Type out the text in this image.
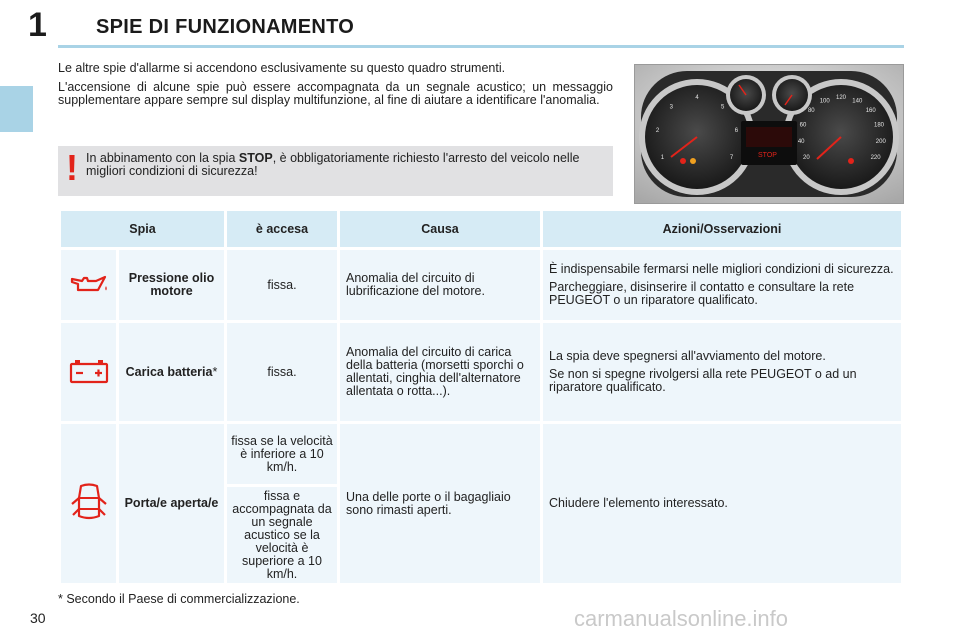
1 SPIE DI FUNZIONAMENTO

Le altre spie d'allarme si accendono esclusivamente su questo quadro strumenti.

L'accensione di alcune spie può essere accompagnata da un segnale acustico; un messaggio supplementare appare sempre sul display multifunzione, al fine di aiutare a identificare l'anomalia.

! In abbinamento con la spia STOP, è obbligatoriamente richiesto l'arresto del veicolo nelle migliori condizioni di sicurezza!
1
2
3
4
5
6
7	20
40
60
80
100
120
140
160
180
200
220
STOP
Spia		è accesa	Causa	Azioni/Osservazioni
	Pressione olio motore	fissa.	Anomalia del circuito di lubrificazione del motore.	È indispensabile fermarsi nelle migliori condizioni di sicurezza.

Parcheggiare, disinserire il contatto e consultare la rete PEUGEOT o un riparatore qualificato.

	Carica batteria*	fissa.	Anomalia del circuito di carica della batteria (morsetti sporchi o allentati, cinghia dell'alternatore allentata o rotta...).	La spia deve spegnersi all'avviamento del motore.

Se non si spegne rivolgersi alla rete PEUGEOT o ad un riparatore qualificato.

	Porta/e aperta/e	fissa se la velocità è inferiore a 10 km/h.	Una delle porte o il bagagliaio sono rimasti aperti.	Chiudere l'elemento interessato.

		fissa e accompagnata da un segnale acustico se la velocità è superiore a 10 km/h.		
* Secondo il Paese di commercializzazione.
30	carmanualsonline.info
